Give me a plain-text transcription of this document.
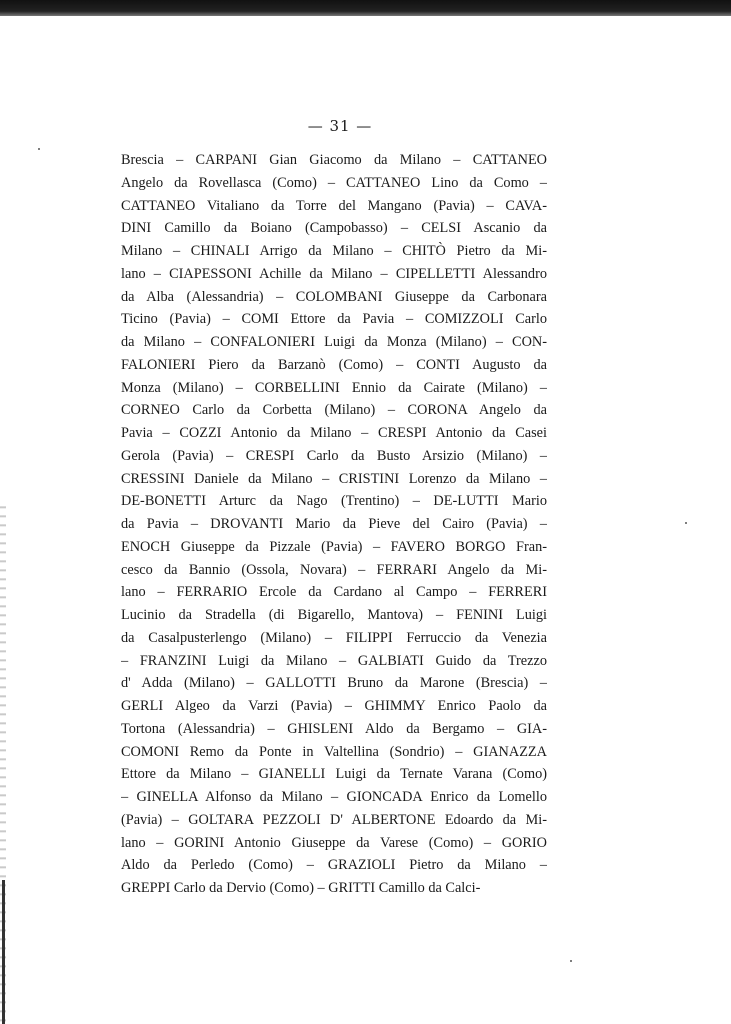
— 31 —
Brescia – CARPANI Gian Giacomo da Milano – CATTANEO
Angelo da Rovellasca (Como) – CATTANEO Lino da Como –
CATTANEO Vitaliano da Torre del Mangano (Pavia) – CAVA-
DINI Camillo da Boiano (Campobasso) – CELSI Ascanio da
Milano – CHINALI Arrigo da Milano – CHITÒ Pietro da Mi-
lano – CIAPESSONI Achille da Milano – CIPELLETTI Alessandro
da Alba (Alessandria) – COLOMBANI Giuseppe da Carbonara
Ticino (Pavia) – COMI Ettore da Pavia – COMIZZOLI Carlo
da Milano – CONFALONIERI Luigi da Monza (Milano) – CON-
FALONIERI Piero da Barzanò (Como) – CONTI Augusto da
Monza (Milano) – CORBELLINI Ennio da Cairate (Milano) –
CORNEO Carlo da Corbetta (Milano) – CORONA Angelo da
Pavia – COZZI Antonio da Milano – CRESPI Antonio da Casei
Gerola (Pavia) – CRESPI Carlo da Busto Arsizio (Milano) –
CRESSINI Daniele da Milano – CRISTINI Lorenzo da Milano –
DE-BONETTI Arturc da Nago (Trentino) – DE-LUTTI Mario
da Pavia – DROVANTI Mario da Pieve del Cairo (Pavia) –
ENOCH Giuseppe da Pizzale (Pavia) – FAVERO BORGO Fran-
cesco da Bannio (Ossola, Novara) – FERRARI Angelo da Mi-
lano – FERRARIO Ercole da Cardano al Campo – FERRERI
Lucinio da Stradella (di Bigarello, Mantova) – FENINI Luigi
da Casalpusterlengo (Milano) – FILIPPI Ferruccio da Venezia
– FRANZINI Luigi da Milano – GALBIATI Guido da Trezzo
d' Adda (Milano) – GALLOTTI Bruno da Marone (Brescia) –
GERLI Algeo da Varzi (Pavia) – GHIMMY Enrico Paolo da
Tortona (Alessandria) – GHISLENI Aldo da Bergamo – GIA-
COMONI Remo da Ponte in Valtellina (Sondrio) – GIANAZZA
Ettore da Milano – GIANELLI Luigi da Ternate Varana (Como)
– GINELLA Alfonso da Milano – GIONCADA Enrico da Lomello
(Pavia) – GOLTARA PEZZOLI D' ALBERTONE Edoardo da Mi-
lano – GORINI Antonio Giuseppe da Varese (Como) – GORIO
Aldo da Perledo (Como) – GRAZIOLI Pietro da Milano –
GREPPI Carlo da Dervio (Como) – GRITTI Camillo da Calci-
